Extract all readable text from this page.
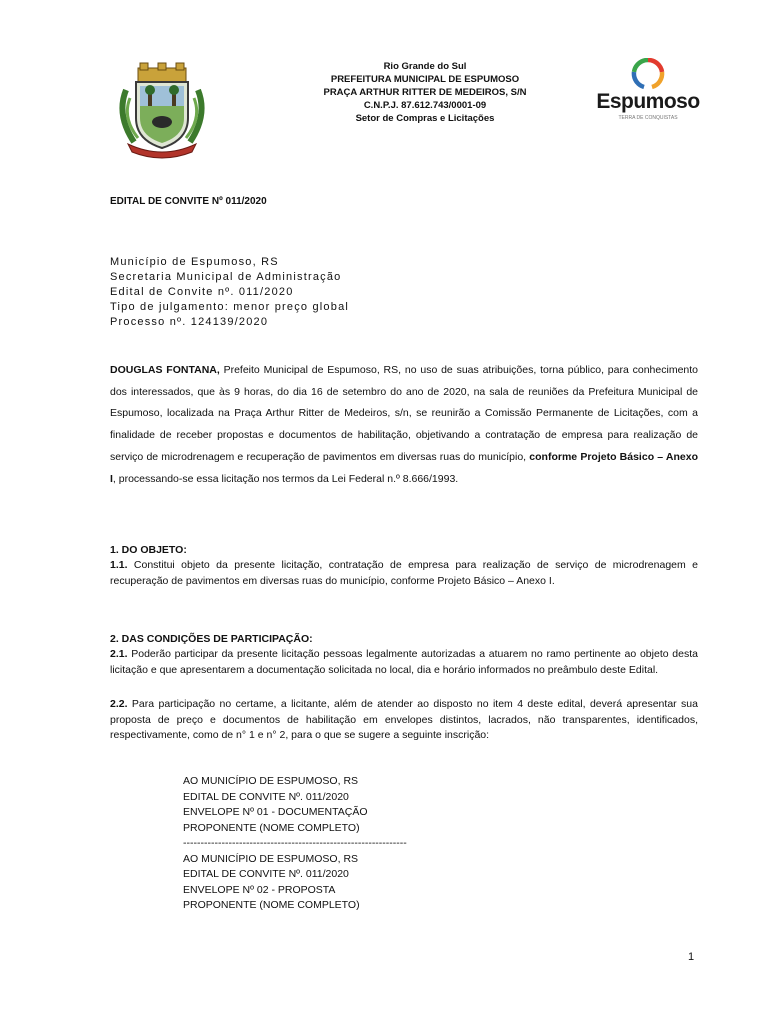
Rio Grande do Sul
PREFEITURA MUNICIPAL DE ESPUMOSO
PRAÇA ARTHUR RITTER DE MEDEIROS, S/N
C.N.P.J. 87.612.743/0001-09
Setor de Compras e Licitações
Espumoso
TERRA DE CONQUISTAS
EDITAL DE CONVITE Nº 011/2020
Município de Espumoso, RS
Secretaria Municipal de Administração
Edital de Convite nº. 011/2020
Tipo de julgamento: menor preço global
Processo nº. 124139/2020
DOUGLAS FONTANA, Prefeito Municipal de Espumoso, RS, no uso de suas atribuições, torna público, para conhecimento dos interessados, que às 9 horas, do dia 16 de setembro do ano de 2020, na sala de reuniões da Prefeitura Municipal de Espumoso, localizada na Praça Arthur Ritter de Medeiros, s/n, se reunirão a Comissão Permanente de Licitações, com a finalidade de receber propostas e documentos de habilitação, objetivando a contratação de empresa para realização de serviço de microdrenagem e recuperação de pavimentos em diversas ruas do município, conforme Projeto Básico – Anexo I, processando-se essa licitação nos termos da Lei Federal n.º 8.666/1993.
1. DO OBJETO:
1.1. Constitui objeto da presente licitação, contratação de empresa para realização de serviço de microdrenagem e recuperação de pavimentos em diversas ruas do município, conforme Projeto Básico – Anexo I.
2. DAS CONDIÇÕES DE PARTICIPAÇÃO:
2.1. Poderão participar da presente licitação pessoas legalmente autorizadas a atuarem no ramo pertinente ao objeto desta licitação e que apresentarem a documentação solicitada no local, dia e horário informados no preâmbulo deste Edital.
2.2. Para participação no certame, a licitante, além de atender ao disposto no item 4 deste edital, deverá apresentar sua proposta de preço e documentos de habilitação em envelopes distintos, lacrados, não transparentes, identificados, respectivamente, como de n° 1 e n° 2, para o que se sugere a seguinte inscrição:
AO MUNICÍPIO DE ESPUMOSO, RS
EDITAL DE CONVITE Nº. 011/2020
ENVELOPE Nº 01 - DOCUMENTAÇÃO
PROPONENTE (NOME COMPLETO)
----------------------------------------------------------------
AO MUNICÍPIO DE ESPUMOSO, RS
EDITAL DE CONVITE Nº. 011/2020
ENVELOPE Nº 02 - PROPOSTA
PROPONENTE (NOME COMPLETO)
1
